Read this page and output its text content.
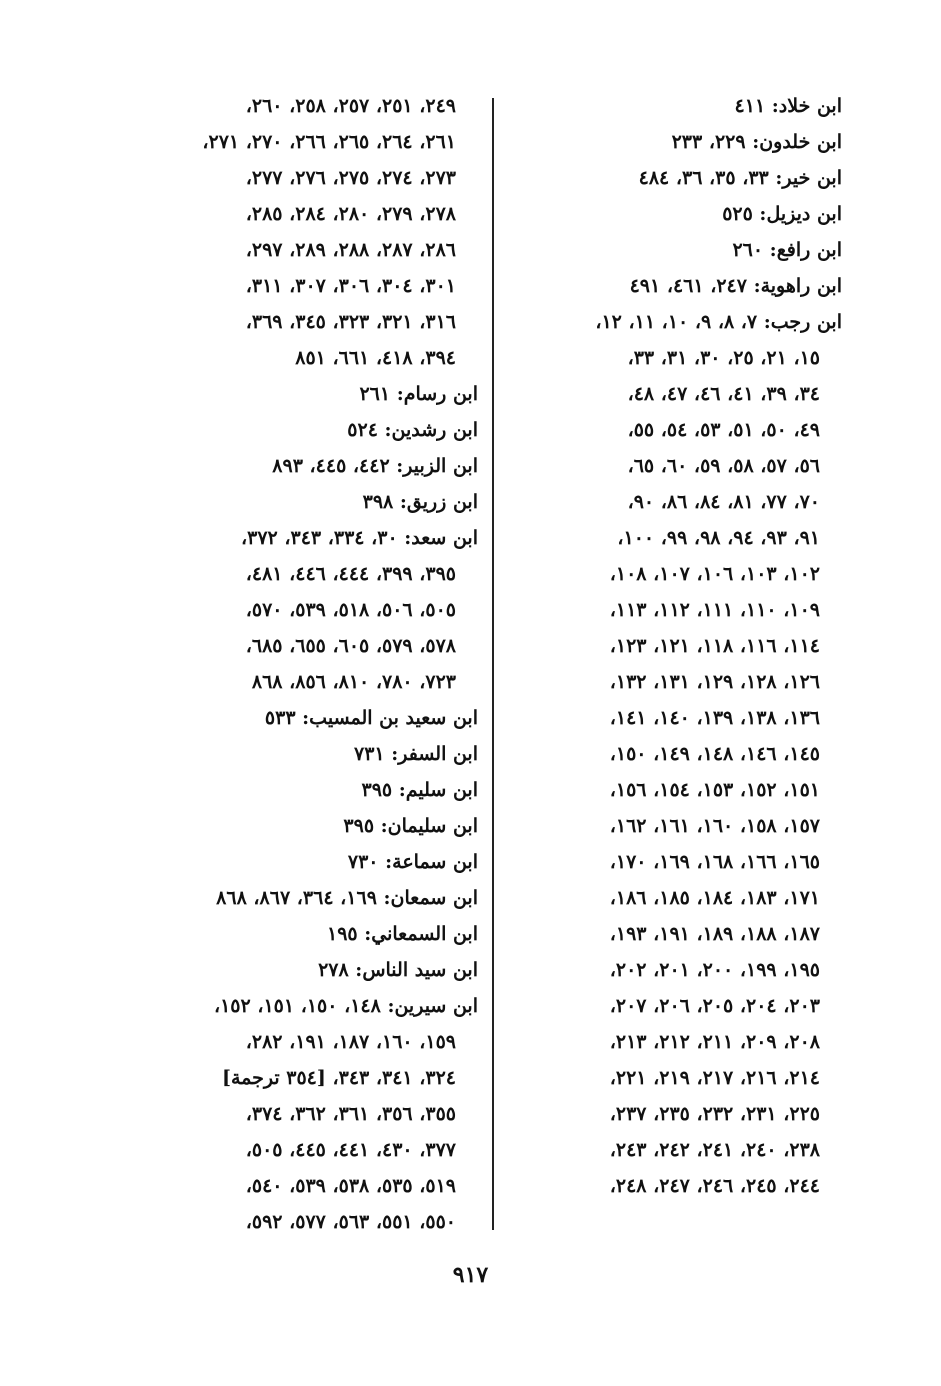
ابن خلاد: ٤١١
ابن خلدون: ٢٢٩، ٢٣٣
ابن خير: ٣٣، ٣٥، ٣٦، ٤٨٤
ابن ديزيل: ٥٢٥
ابن رافع: ٢٦٠
ابن راهوية: ٢٤٧، ٤٦١، ٤٩١
ابن رجب: ٧، ٨، ٩، ١٠، ١١، ١٢،
١٥، ٢١، ٢٥، ٣٠، ٣١، ٣٣،
٣٤، ٣٩، ٤١، ٤٦، ٤٧، ٤٨،
٤٩، ٥٠، ٥١، ٥٣، ٥٤، ٥٥،
٥٦، ٥٧، ٥٨، ٥٩، ٦٠، ٦٥،
٧٠، ٧٧، ٨١، ٨٤، ٨٦، ٩٠،
٩١، ٩٣، ٩٤، ٩٨، ٩٩، ١٠٠،
١٠٢، ١٠٣، ١٠٦، ١٠٧، ١٠٨،
١٠٩، ١١٠، ١١١، ١١٢، ١١٣،
١١٤، ١١٦، ١١٨، ١٢١، ١٢٣،
١٢٦، ١٢٨، ١٢٩، ١٣١، ١٣٢،
١٣٦، ١٣٨، ١٣٩، ١٤٠، ١٤١،
١٤٥، ١٤٦، ١٤٨، ١٤٩، ١٥٠،
١٥١، ١٥٢، ١٥٣، ١٥٤، ١٥٦،
١٥٧، ١٥٨، ١٦٠، ١٦١، ١٦٢،
١٦٥، ١٦٦، ١٦٨، ١٦٩، ١٧٠،
١٧١، ١٨٣، ١٨٤، ١٨٥، ١٨٦،
١٨٧، ١٨٨، ١٨٩، ١٩١، ١٩٣،
١٩٥، ١٩٩، ٢٠٠، ٢٠١، ٢٠٢،
٢٠٣، ٢٠٤، ٢٠٥، ٢٠٦، ٢٠٧،
٢٠٨، ٢٠٩، ٢١١، ٢١٢، ٢١٣،
٢١٤، ٢١٦، ٢١٧، ٢١٩، ٢٢١،
٢٢٥، ٢٣١، ٢٣٢، ٢٣٥، ٢٣٧،
٢٣٨، ٢٤٠، ٢٤١، ٢٤٢، ٢٤٣،
٢٤٤، ٢٤٥، ٢٤٦، ٢٤٧، ٢٤٨،
٢٤٩، ٢٥١، ٢٥٧، ٢٥٨، ٢٦٠،
٢٦١، ٢٦٤، ٢٦٥، ٢٦٦، ٢٧٠، ٢٧١،
٢٧٣، ٢٧٤، ٢٧٥، ٢٧٦، ٢٧٧،
٢٧٨، ٢٧٩، ٢٨٠، ٢٨٤، ٢٨٥،
٢٨٦، ٢٨٧، ٢٨٨، ٢٨٩، ٢٩٧،
٣٠١، ٣٠٤، ٣٠٦، ٣٠٧، ٣١١،
٣١٦، ٣٢١، ٣٢٣، ٣٤٥، ٣٦٩،
٣٩٤، ٤١٨، ٦٦١، ٨٥١
ابن رسام: ٢٦١
ابن رشدين: ٥٢٤
ابن الزبير: ٤٤٢، ٤٤٥، ٨٩٣
ابن زريق: ٣٩٨
ابن سعد: ٣٠، ٣٣٤، ٣٤٣، ٣٧٢،
٣٩٥، ٣٩٩، ٤٤٤، ٤٤٦، ٤٨١،
٥٠٥، ٥٠٦، ٥١٨، ٥٣٩، ٥٧٠،
٥٧٨، ٥٧٩، ٦٠٥، ٦٥٥، ٦٨٥،
٧٢٣، ٧٨٠، ٨١٠، ٨٥٦، ٨٦٨
ابن سعيد بن المسيب: ٥٣٣
ابن السفر: ٧٣١
ابن سليم: ٣٩٥
ابن سليمان: ٣٩٥
ابن سماعة: ٧٣٠
ابن سمعان: ١٦٩، ٣٦٤، ٨٦٧، ٨٦٨
ابن السمعاني: ١٩٥
ابن سيد الناس: ٢٧٨
ابن سيرين: ١٤٨، ١٥٠، ١٥١، ١٥٢،
١٥٩، ١٦٠، ١٨٧، ١٩١، ٢٨٢،
٣٢٤، ٣٤١، ٣٤٣، [٣٥٤ ترجمة]
٣٥٥، ٣٥٦، ٣٦١، ٣٦٢، ٣٧٤،
٣٧٧، ٤٣٠، ٤٤١، ٤٤٥، ٥٠٥،
٥١٩، ٥٣٥، ٥٣٨، ٥٣٩، ٥٤٠،
٥٥٠، ٥٥١، ٥٦٣، ٥٧٧، ٥٩٢،
٩١٧
